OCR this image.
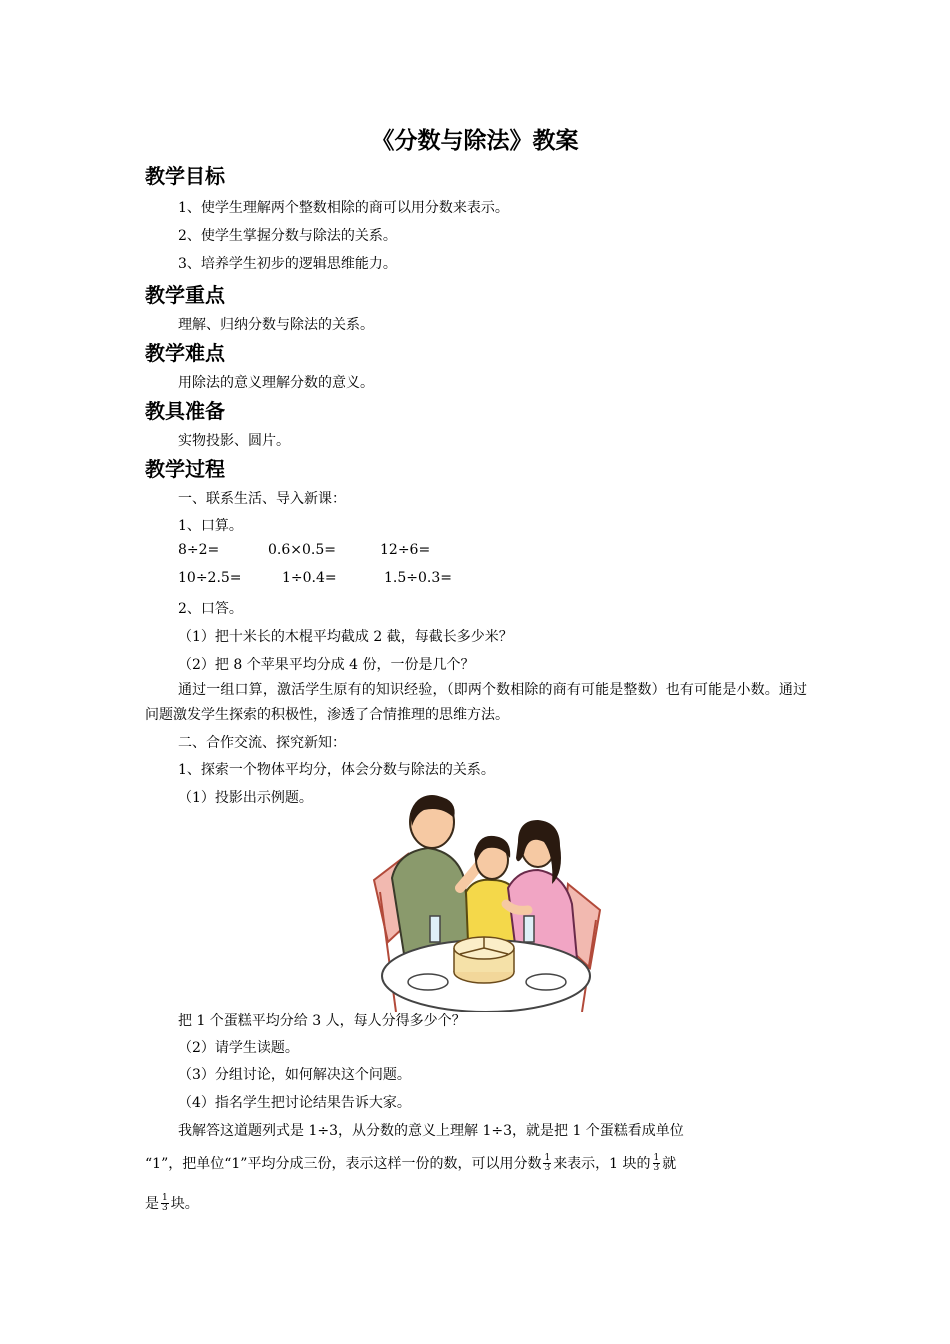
《分数与除法》教案
教学目标
1、使学生理解两个整数相除的商可以用分数来表示。
2、使学生掌握分数与除法的关系。
3、培养学生初步的逻辑思维能力。
教学重点
理解、归纳分数与除法的关系。
教学难点
用除法的意义理解分数的意义。
教具准备
实物投影、圆片。
教学过程
一、联系生活、导入新课：
1、口算。
8÷2=	0.6×0.5=	12÷6=
10÷2.5=	1÷0.4=	1.5÷0.3=
2、口答。
（1）把十米长的木棍平均截成 2 截，每截长多少米？
（2）把 8 个苹果平均分成 4 份，一份是几个？
通过一组口算，激活学生原有的知识经验，（即两个数相除的商有可能是整数）也有可能是小数。通过问题激发学生探索的积极性，渗透了合情推理的思维方法。
二、合作交流、探究新知：
1、探索一个物体平均分，体会分数与除法的关系。
（1）投影出示例题。
把 1 个蛋糕平均分给 3 人，每人分得多少个？
（2）请学生读题。
（3）分组讨论，如何解决这个问题。
（4）指名学生把讨论结果告诉大家。
我解答这道题列式是 1÷3，从分数的意义上理解 1÷3，就是把 1 个蛋糕看成单位
“1”，把单位“1”平均分成三份，表示这样一份的数，可以用分数 $\frac{1}{3}$ 来表示，1 块的 $\frac{1}{3}$ 就
是 $\frac{1}{3}$ 块。
